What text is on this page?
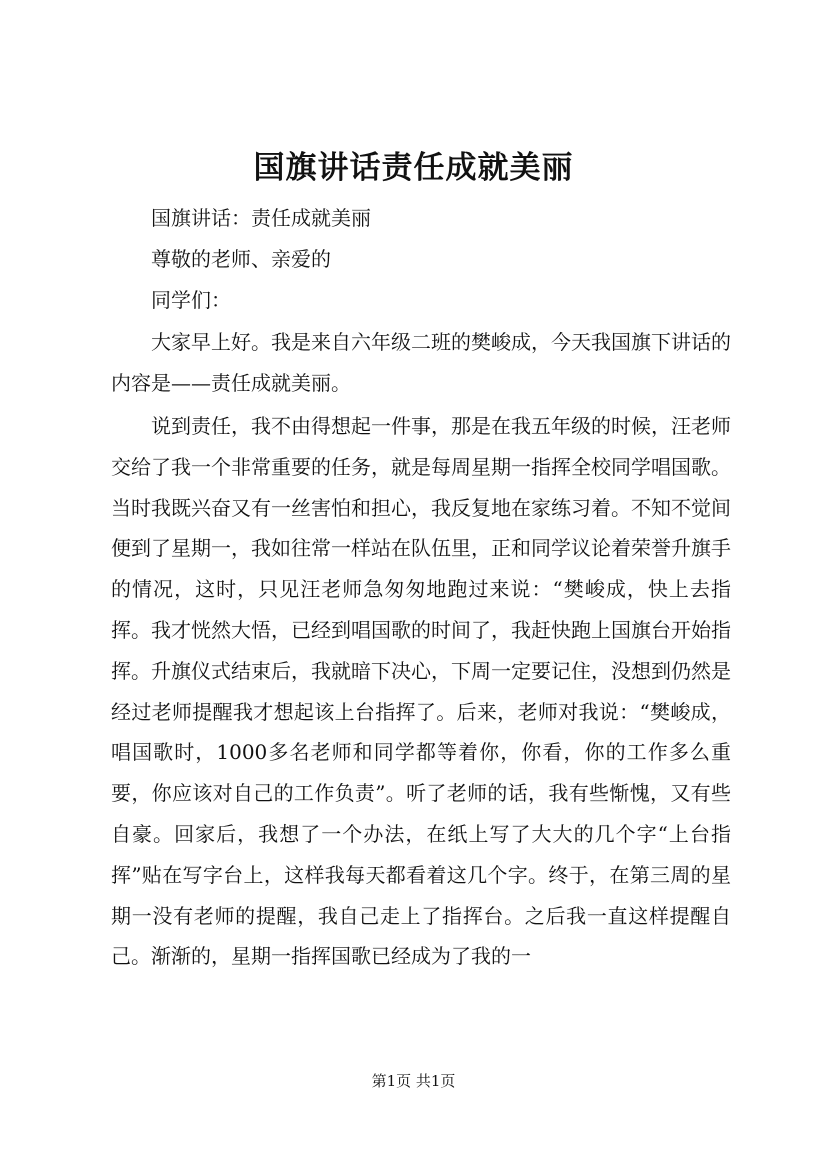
国旗讲话责任成就美丽

国旗讲话：责任成就美丽

尊敬的老师、亲爱的

同学们：

大家早上好。我是来自六年级二班的樊峻成，今天我国旗下讲话的内容是——责任成就美丽。

说到责任，我不由得想起一件事，那是在我五年级的时候，汪老师交给了我一个非常重要的任务，就是每周星期一指挥全校同学唱国歌。当时我既兴奋又有一丝害怕和担心，我反复地在家练习着。不知不觉间便到了星期一，我如往常一样站在队伍里，正和同学议论着荣誉升旗手的情况，这时，只见汪老师急匆匆地跑过来说：“樊峻成，快上去指挥。我才恍然大悟，已经到唱国歌的时间了，我赶快跑上国旗台开始指挥。升旗仪式结束后，我就暗下决心，下周一定要记住，没想到仍然是经过老师提醒我才想起该上台指挥了。后来，老师对我说：“樊峻成，唱国歌时，1000多名老师和同学都等着你，你看，你的工作多么重要，你应该对自己的工作负责”。听了老师的话，我有些惭愧，又有些自豪。回家后，我想了一个办法，在纸上写了大大的几个字“上台指挥”贴在写字台上，这样我每天都看着这几个字。终于，在第三周的星期一没有老师的提醒，我自己走上了指挥台。之后我一直这样提醒自己。渐渐的，星期一指挥国歌已经成为了我的一

第1页 共1页
